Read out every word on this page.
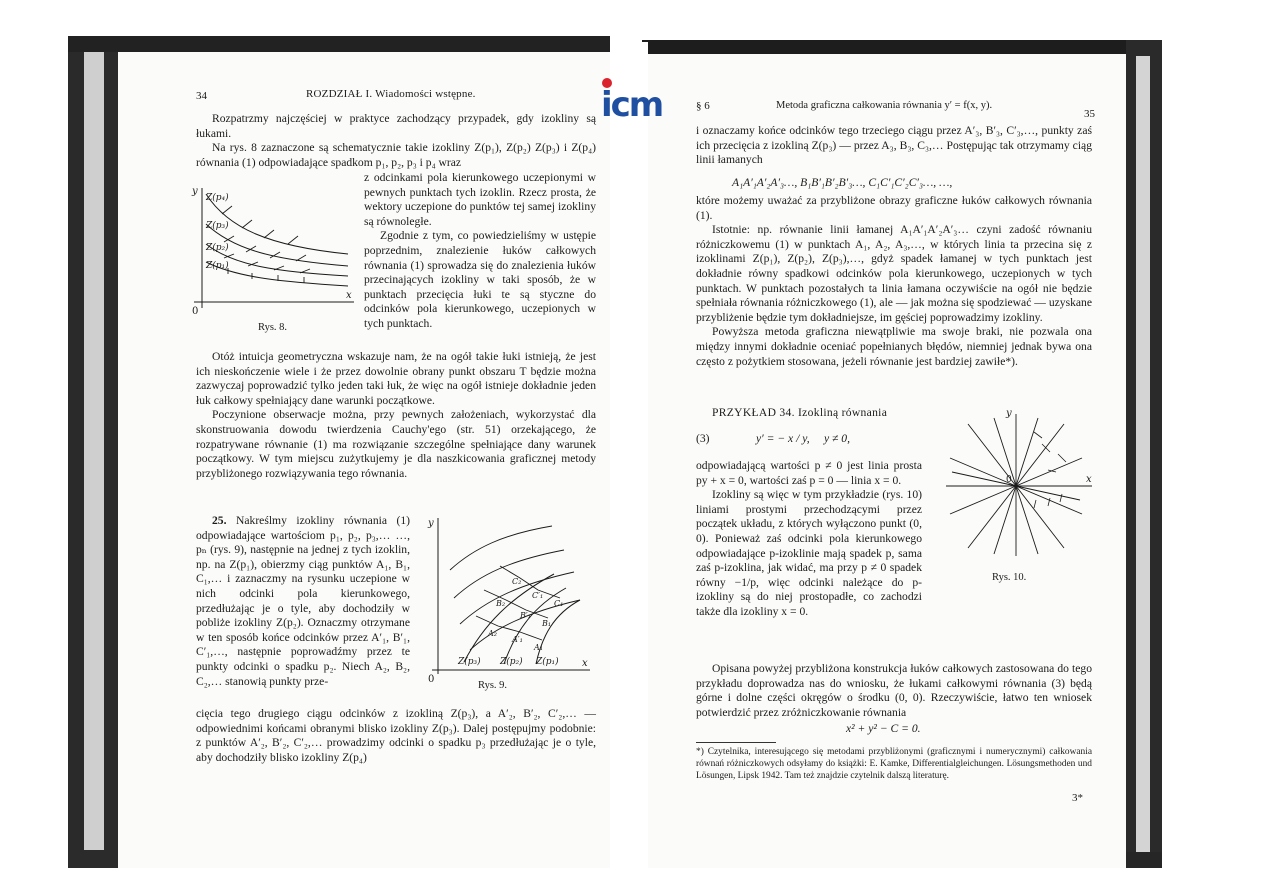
34	ROZDZIAŁ I. Wiadomości wstępne.

Rozpatrzmy najczęściej w praktyce zachodzący przypadek, gdy izokliny są łukami.

Na rys. 8 zaznaczone są schematycznie takie izokliny Z(p₁), Z(p₂) Z(p₃) i Z(p₄) równania (1) odpowiadające spadkom p₁, p₂, p₃ i p₄ wraz

z odcinkami pola kierunkowego uczepionymi w pewnych punktach tych izoklin. Rzecz prosta, że wektory uczepione do punktów tej samej izokliny są równoległe.

Zgodnie z tym, co powiedzieliśmy w ustępie poprzednim, znalezienie łuków całkowych równania (1) sprowadza się do znalezienia łuków przecinających izokliny w taki sposób, że w punktach przecięcia łuki te są styczne do odcinków pola kierunkowego, uczepionych w tych punktach.

y
x
0
Z(p₄)
Z(p₃)
Z(p₂)
Z(p₁)
Rys. 8.

Otóż intuicja geometryczna wskazuje nam, że na ogół takie łuki istnieją, że jest ich nieskończenie wiele i że przez dowolnie obrany punkt obszaru T będzie można zazwyczaj poprowadzić tylko jeden taki łuk, że więc na ogół istnieje dokładnie jeden łuk całkowy spełniający dane warunki początkowe.

Poczynione obserwacje można, przy pewnych założeniach, wykorzystać dla skonstruowania dowodu twierdzenia Cauchy'ego (str. 51) orzekającego, że rozpatrywane równanie (1) ma rozwiązanie szczególne spełniające dany warunek początkowy. W tym miejscu zużytkujemy je dla naszkicowania graficznej metody przybliżonego rozwiązywania tego równania.

25. Nakreślmy izokliny równania (1) odpowiadające wartościom p₁, p₂, p₃,… …, pₙ (rys. 9), następnie na jednej z tych izoklin, np. na Z(p₁), obierzmy ciąg punktów A₁, B₁, C₁,… i zaznaczmy na rysunku uczepione w nich odcinki pola kierunkowego, przedłużając je o tyle, aby dochodziły w pobliże izokliny Z(p₂). Oznaczmy otrzymane w ten sposób końce odcinków przez A′₁, B′₁, C′₁,…, następnie poprowadźmy przez te punkty odcinki o spadku p₂. Niech A₂, B₂, C₂,… stanowią punkty prze-

y
x
0
Z(p₃) Z(p₂) Z(p₁)
A₁
A′₁
A₂
B₁
B′₁
B₂	C₁
C′₁
C₂
Rys. 9.

cięcia tego drugiego ciągu odcinków z izokliną Z(p₃), a A′₂, B′₂, C′₂,… — odpowiednimi końcami obranymi blisko izokliny Z(p₃). Dalej postępujmy podobnie: z punktów A′₂, B′₂, C′₂,… prowadzimy odcinki o spadku p₃ przedłużając je o tyle, aby dochodziły blisko izokliny Z(p₄)

§ 6	Metoda graficzna całkowania równania y′ = f(x, y).
35

i oznaczamy końce odcinków tego trzeciego ciągu przez A′₃, B′₃, C′₃,…, punkty zaś ich przecięcia z izokliną Z(p₃) — przez A₃, B₃, C₃,… Postępując tak otrzymamy ciąg linii łamanych

A₁A′₁A′₂A′₃…, B₁B′₁B′₂B′₃…, C₁C′₁C′₂C′₃…, …,

które możemy uważać za przybliżone obrazy graficzne łuków całkowych równania (1).

Istotnie: np. równanie linii łamanej A₁A′₁A′₂A′₃… czyni zadość równaniu różniczkowemu (1) w punktach A₁, A₂, A₃,…, w których linia ta przecina się z izoklinami Z(p₁), Z(p₂), Z(p₃),…, gdyż spadek łamanej w tych punktach jest dokładnie równy spadkowi odcinków pola kierunkowego, uczepionych w tych punktach. W punktach pozostałych ta linia łamana oczywiście na ogół nie będzie spełniała równania różniczkowego (1), ale — jak można się spodziewać — uzyskane przybliżenie będzie tym dokładniejsze, im gęściej poprowadzimy izokliny.

Powyższa metoda graficzna niewątpliwie ma swoje braki, nie pozwala ona między innymi dokładnie oceniać popełnianych błędów, niemniej jednak bywa ona często z pożytkiem stosowana, jeżeli równanie jest bardziej zawiłe*).

PRZYKŁAD 34. Izokliną równania
(3)	y′ = − x / y, y ≠ 0,

odpowiadającą wartości p ≠ 0 jest linia prosta py + x = 0, wartości zaś p = 0 — linia x = 0.

Izokliny są więc w tym przykładzie (rys. 10) liniami prostymi przechodzącymi przez początek układu, z których wyłączono punkt (0, 0). Ponieważ zaś odcinki pola kierunkowego odpowiadające p-izoklinie mają spadek p, sama zaś p-izoklina, jak widać, ma przy p ≠ 0 spadek równy −1/p, więc odcinki należące do p-izokliny są do niej prostopadłe, co zachodzi także dla izokliny x = 0.

y
x
0
Rys. 10.

Opisana powyżej przybliżona konstrukcja łuków całkowych zastosowana do tego przykładu doprowadza nas do wniosku, że łukami całkowymi równania (3) będą górne i dolne części okręgów o środku (0, 0). Rzeczywiście, łatwo ten wniosek potwierdzić przez zróżniczkowanie równania

x² + y² − C = 0.
*) Czytelnika, interesującego się metodami przybliżonymi (graficznymi i numerycznymi) całkowania równań różniczkowych odsyłamy do książki: E. Kamke, Differentialgleichungen. Lösungsmethoden und Lösungen, Lipsk 1942. Tam też znajdzie czytelnik dalszą literaturę.
3*
icm
